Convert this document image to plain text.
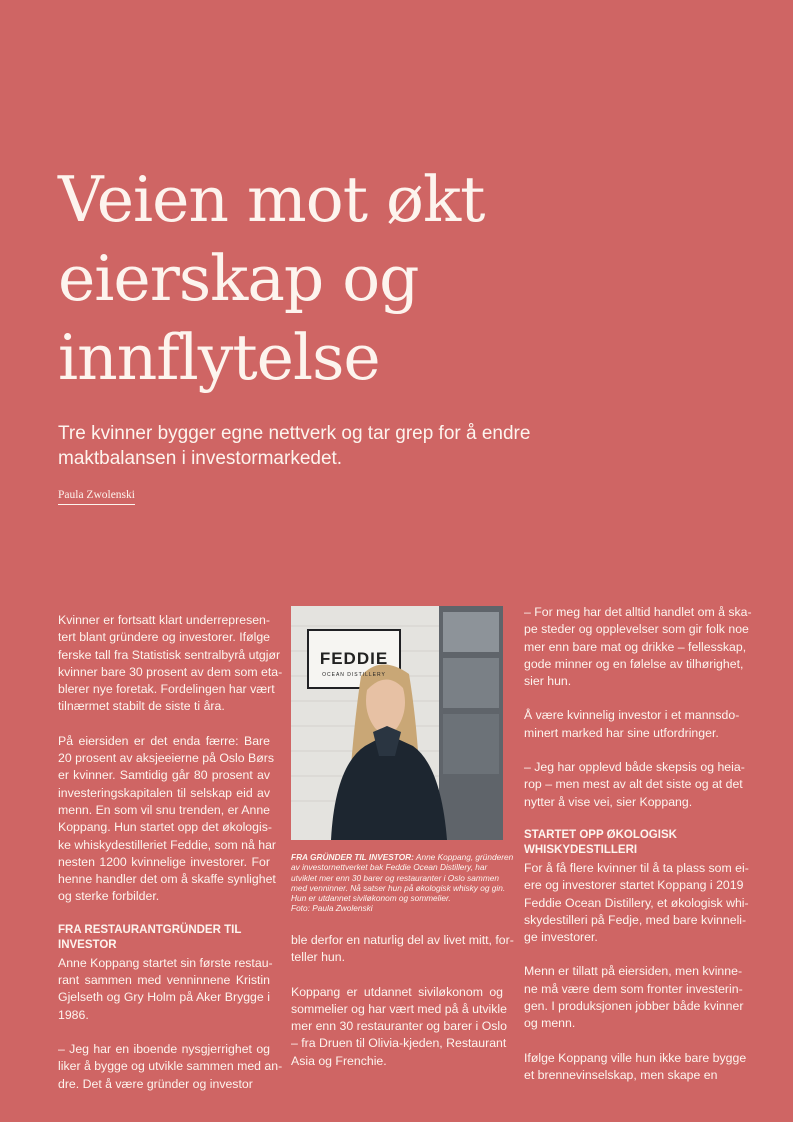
Veien mot økt
eierskap og
innflytelse

Tre kvinner bygger egne nettverk og tar grep for å endre
maktbalansen i investormarkedet.

Paula Zwolenski

Kvinner er fortsatt klart underrepresen-
tert blant gründere og investorer. Ifølge
ferske tall fra Statistisk sentralbyrå utgjør
kvinner bare 30 prosent av dem som eta-
blerer nye foretak. Fordelingen har vært
tilnærmet stabilt de siste ti åra.

På eiersiden er det enda færre: Bare
20 prosent av aksjeeierne på Oslo Børs
er kvinner. Samtidig går 80 prosent av
investeringskapitalen til selskap eid av
menn. En som vil snu trenden, er Anne
Koppang. Hun startet opp det økologis-
ke whiskydestilleriet Feddie, som nå har
nesten 1200 kvinnelige investorer. For
henne handler det om å skaffe synlighet
og sterke forbilder.

FRA RESTAURANTGRÜNDER TIL
INVESTOR

Anne Koppang startet sin første restau-
rant sammen med venninnene Kristin
Gjelseth og Gry Holm på Aker Brygge i
1986.

– Jeg har en iboende nysgjerrighet og
liker å bygge og utvikle sammen med an-
dre. Det å være gründer og investor

FEDDIE
OCEAN DISTILLERY
FRA GRÜNDER TIL INVESTOR: Anne Koppang, gründeren
av investornettverket bak Feddie Ocean Distillery, har
utviklet mer enn 30 barer og restauranter i Oslo sammen
med venninner. Nå satser hun på økologisk whisky og gin.
Hun er utdannet siviløkonom og sommelier.
Foto: Paula Zwolenski

ble derfor en naturlig del av livet mitt, for-
teller hun.

Koppang er utdannet siviløkonom og
sommelier og har vært med på å utvikle
mer enn 30 restauranter og barer i Oslo
– fra Druen til Olivia-kjeden, Restaurant
Asia og Frenchie.

– For meg har det alltid handlet om å ska-
pe steder og opplevelser som gir folk noe
mer enn bare mat og drikke – fellesskap,
gode minner og en følelse av tilhørighet,
sier hun.

Å være kvinnelig investor i et mannsdo-
minert marked har sine utfordringer.

– Jeg har opplevd både skepsis og heia-
rop – men mest av alt det siste og at det
nytter å vise vei, sier Koppang.

STARTET OPP ØKOLOGISK
WHISKYDESTILLERI

For å få flere kvinner til å ta plass som ei-
ere og investorer startet Koppang i 2019
Feddie Ocean Distillery, et økologisk whi-
skydestilleri på Fedje, med bare kvinneli-
ge investorer.

Menn er tillatt på eiersiden, men kvinne-
ne må være dem som fronter investerin-
gen. I produksjonen jobber både kvinner
og menn.

Ifølge Koppang ville hun ikke bare bygge
et brennevinselskap, men skape en
